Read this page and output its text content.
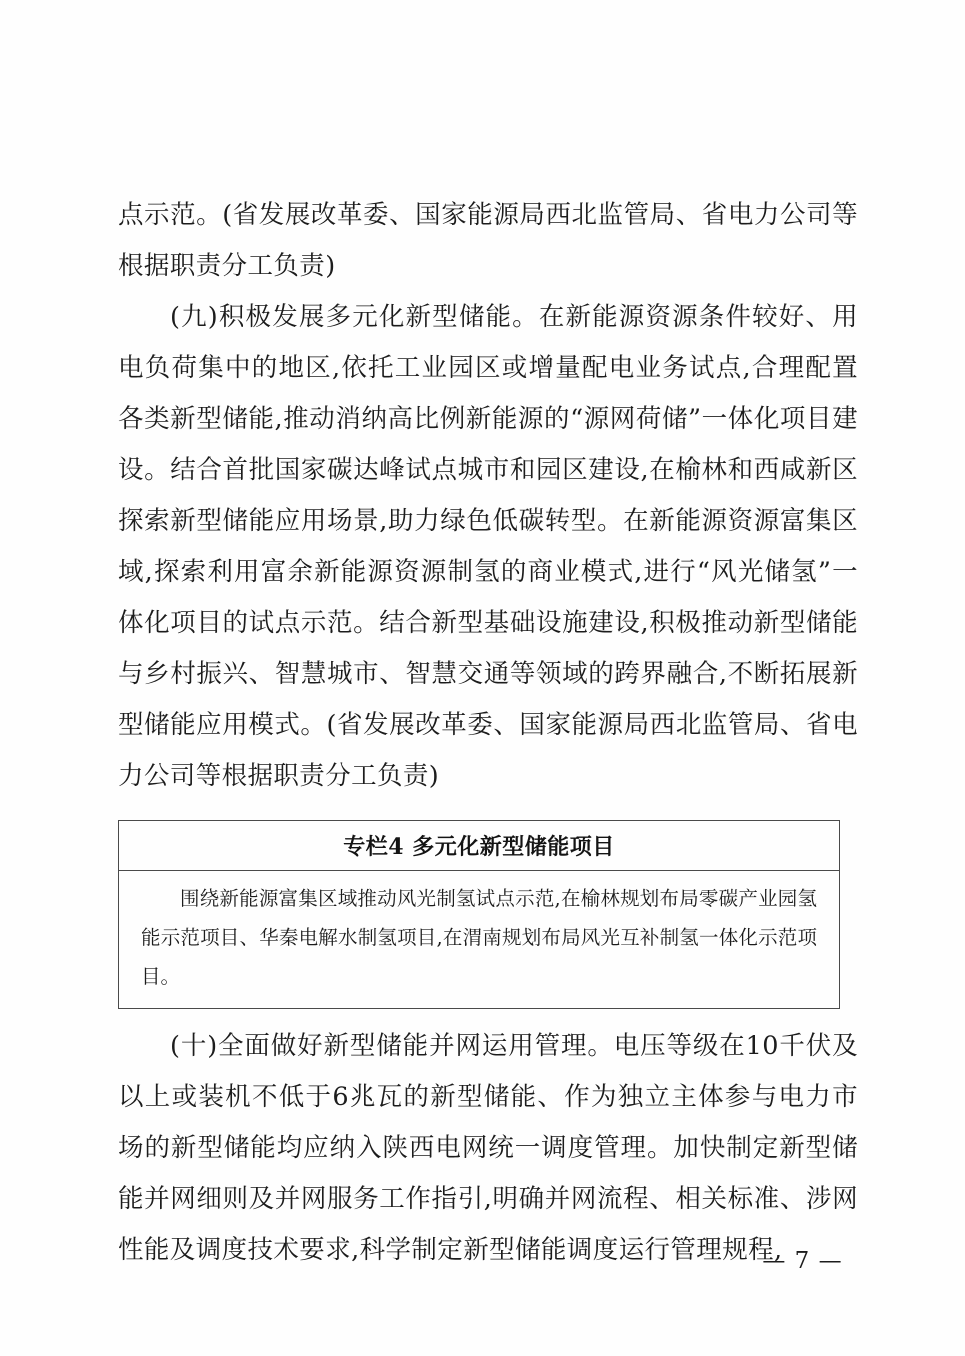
点示范。(省发展改革委、国家能源局西北监管局、省电力公司等根据职责分工负责)

(九)积极发展多元化新型储能。在新能源资源条件较好、用电负荷集中的地区,依托工业园区或增量配电业务试点,合理配置各类新型储能,推动消纳高比例新能源的“源网荷储”一体化项目建设。结合首批国家碳达峰试点城市和园区建设,在榆林和西咸新区探索新型储能应用场景,助力绿色低碳转型。在新能源资源富集区域,探索利用富余新能源资源制氢的商业模式,进行“风光储氢”一体化项目的试点示范。结合新型基础设施建设,积极推动新型储能与乡村振兴、智慧城市、智慧交通等领域的跨界融合,不断拓展新型储能应用模式。(省发展改革委、国家能源局西北监管局、省电力公司等根据职责分工负责)

专栏4 多元化新型储能项目
围绕新能源富集区域推动风光制氢试点示范,在榆林规划布局零碳产业园氢能示范项目、华秦电解水制氢项目,在渭南规划布局风光互补制氢一体化示范项目。

(十)全面做好新型储能并网运用管理。电压等级在10千伏及以上或装机不低于6兆瓦的新型储能、作为独立主体参与电力市场的新型储能均应纳入陕西电网统一调度管理。加快制定新型储能并网细则及并网服务工作指引,明确并网流程、相关标准、涉网性能及调度技术要求,科学制定新型储能调度运行管理规程,

— 7 —
